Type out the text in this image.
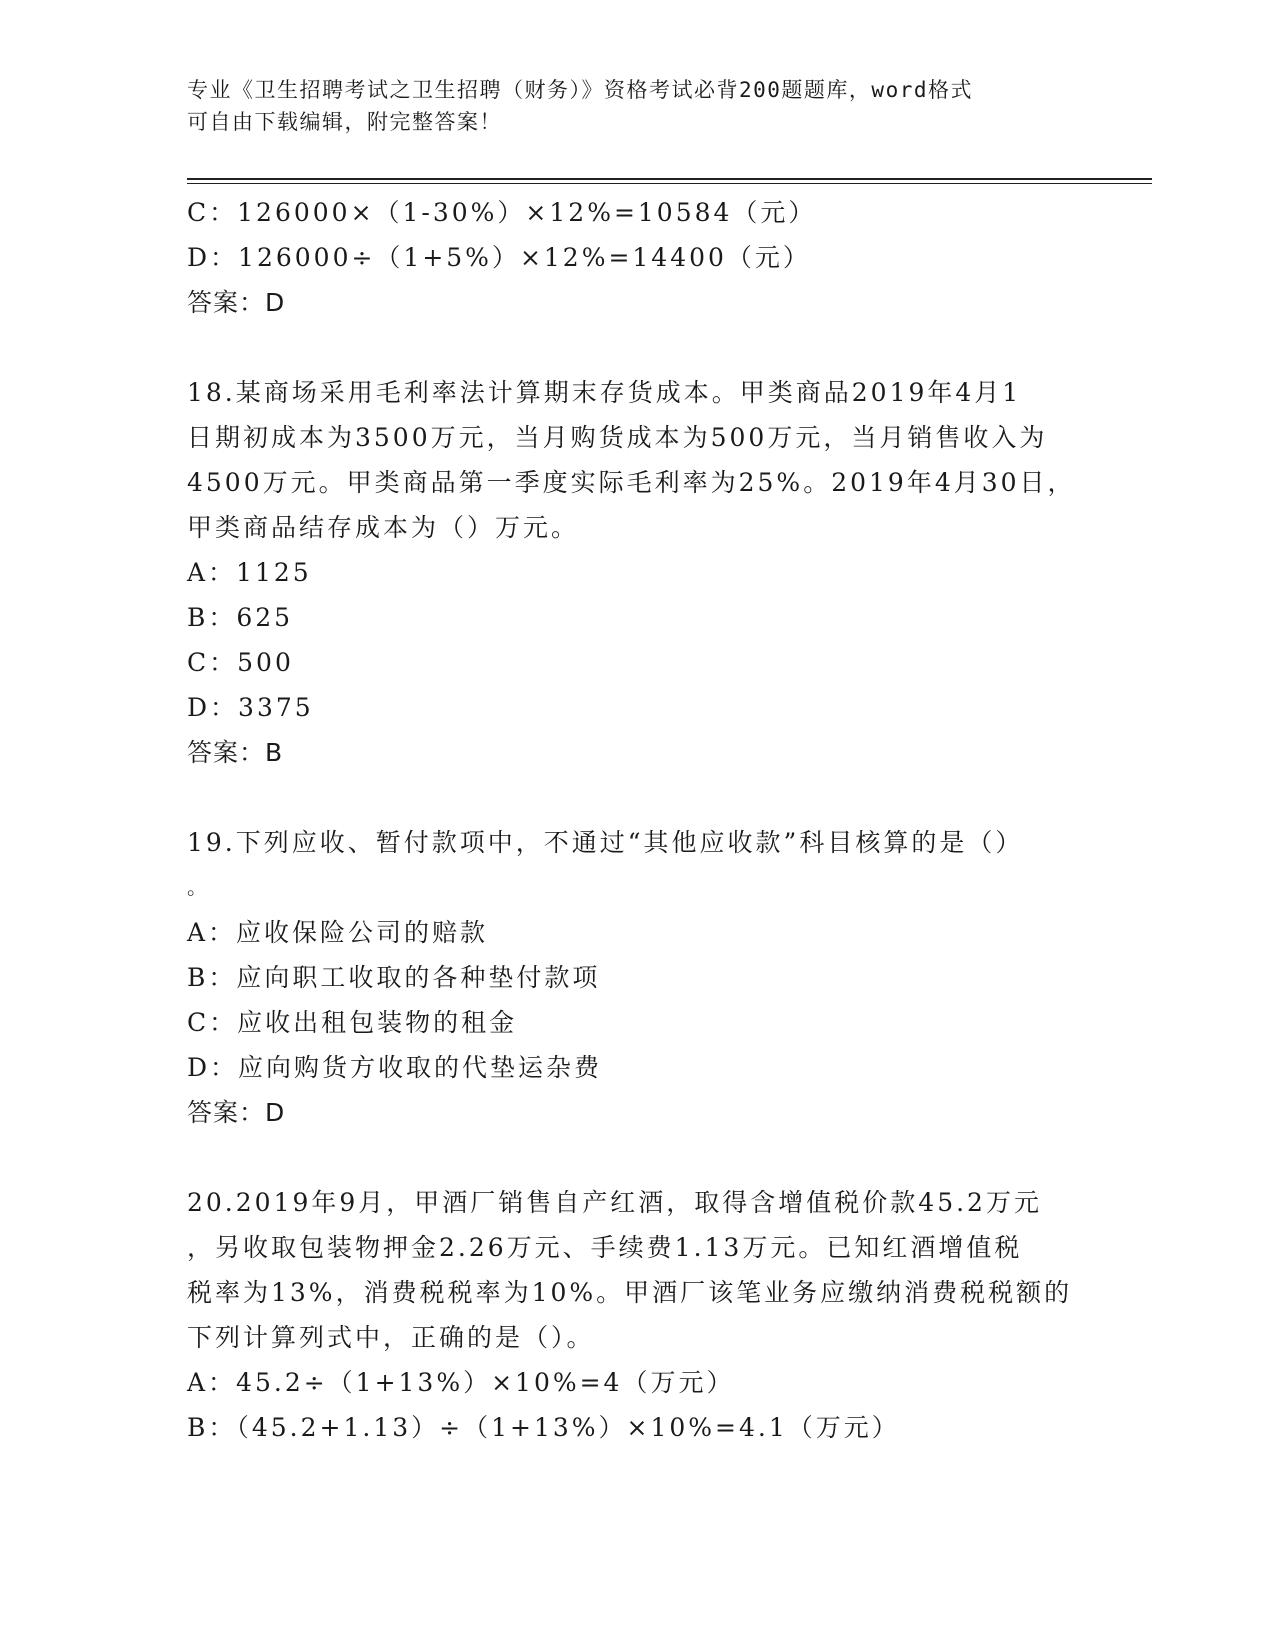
专业《卫生招聘考试之卫生招聘（财务）》资格考试必背200题题库，word格式
可自由下载编辑，附完整答案！
C：126000×（1-30%）×12%=10584（元）
D：126000÷（1+5%）×12%=14400（元）
答案：D
18.某商场采用毛利率法计算期末存货成本。甲类商品2019年4月1
日期初成本为3500万元，当月购货成本为500万元，当月销售收入为
4500万元。甲类商品第一季度实际毛利率为25%。2019年4月30日，
甲类商品结存成本为（）万元。
A：1125
B：625
C：500
D：3375
答案：B
19.下列应收、暂付款项中，不通过“其他应收款”科目核算的是（）
。
A：应收保险公司的赔款
B：应向职工收取的各种垫付款项
C：应收出租包装物的租金
D：应向购货方收取的代垫运杂费
答案：D
20.2019年9月，甲酒厂销售自产红酒，取得含增值税价款45.2万元
，另收取包装物押金2.26万元、手续费1.13万元。已知红酒增值税
税率为13%，消费税税率为10%。甲酒厂该笔业务应缴纳消费税税额的
下列计算列式中，正确的是（）。
A：45.2÷（1+13%）×10%=4（万元）
B：（45.2+1.13）÷（1+13%）×10%=4.1（万元）
